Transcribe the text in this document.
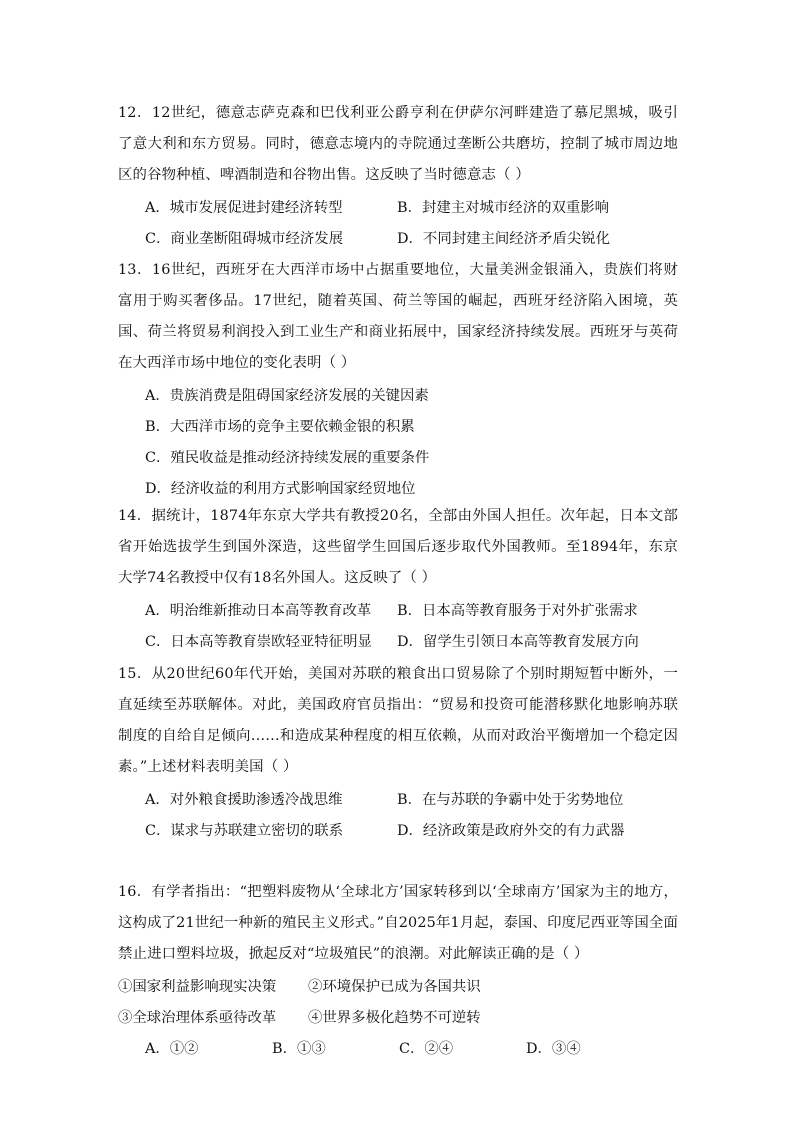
12．12世纪，德意志萨克森和巴伐利亚公爵亨利在伊萨尔河畔建造了慕尼黑城，吸引了意大利和东方贸易。同时，德意志境内的寺院通过垄断公共磨坊，控制了城市周边地区的谷物种植、啤酒制造和谷物出售。这反映了当时德意志（ ）

A．城市发展促进封建经济转型	B．封建主对城市经济的双重影响
C．商业垄断阻碍城市经济发展	D．不同封建主间经济矛盾尖锐化

13．16世纪，西班牙在大西洋市场中占据重要地位，大量美洲金银涌入，贵族们将财富用于购买奢侈品。17世纪，随着英国、荷兰等国的崛起，西班牙经济陷入困境，英国、荷兰将贸易利润投入到工业生产和商业拓展中，国家经济持续发展。西班牙与英荷在大西洋市场中地位的变化表明（ ）

A．贵族消费是阻碍国家经济发展的关键因素
B．大西洋市场的竞争主要依赖金银的积累
C．殖民收益是推动经济持续发展的重要条件
D．经济收益的利用方式影响国家经贸地位

14．据统计，1874年东京大学共有教授20名，全部由外国人担任。次年起，日本文部省开始选拔学生到国外深造，这些留学生回国后逐步取代外国教师。至1894年，东京大学74名教授中仅有18名外国人。这反映了（ ）

A．明治维新推动日本高等教育改革	B．日本高等教育服务于对外扩张需求
C．日本高等教育崇欧轻亚特征明显	D．留学生引领日本高等教育发展方向

15．从20世纪60年代开始，美国对苏联的粮食出口贸易除了个别时期短暂中断外，一直延续至苏联解体。对此，美国政府官员指出：“贸易和投资可能潜移默化地影响苏联制度的自给自足倾向……和造成某种程度的相互依赖，从而对政治平衡增加一个稳定因素。”上述材料表明美国（ ）

A．对外粮食援助渗透冷战思维	B．在与苏联的争霸中处于劣势地位
C．谋求与苏联建立密切的联系	D．经济政策是政府外交的有力武器

16．有学者指出：“把塑料废物从‘全球北方’国家转移到以‘全球南方’国家为主的地方，这构成了21世纪一种新的殖民主义形式。”自2025年1月起，泰国、印度尼西亚等国全面禁止进口塑料垃圾，掀起反对“垃圾殖民”的浪潮。对此解读正确的是（ ）

①国家利益影响现实决策	②环境保护已成为各国共识
③全球治理体系亟待改革	④世界多极化趋势不可逆转
A．①②	B．①③	C．②④	D．③④
